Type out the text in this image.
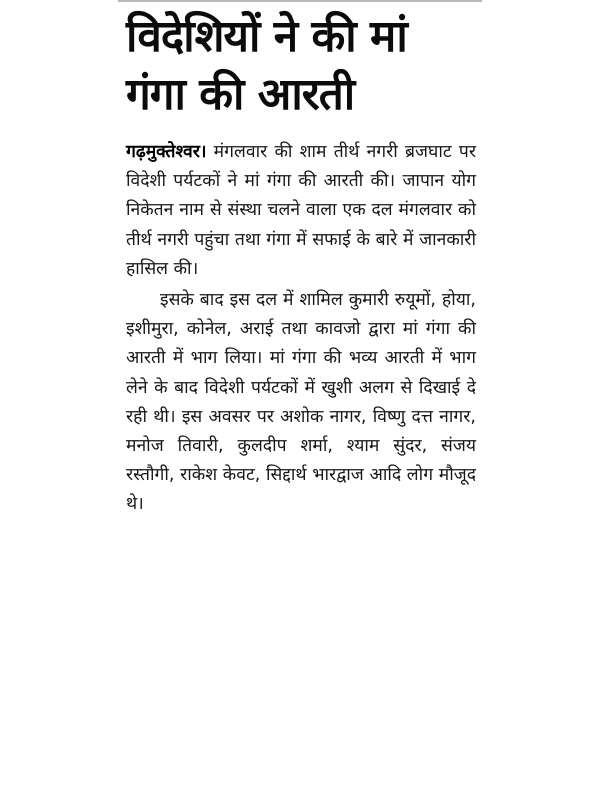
विदेशियों ने की मां
गंगा की आरती

गढ़मुक्तेश्वर। मंगलवार की शाम तीर्थ नगरी ब्रजघाट पर विदेशी पर्यटकों ने मां गंगा की आरती की। जापान योग निकेतन नाम से संस्था चलने वाला एक दल मंगलवार को तीर्थ नगरी पहुंचा तथा गंगा में सफाई के बारे में जानकारी हासिल की।

इसके बाद इस दल में शामिल कुमारी रुयूमों, होया, इशीमुरा, कोनेल, अराई तथा कावजो द्वारा मां गंगा की आरती में भाग लिया। मां गंगा की भव्य आरती में भाग लेने के बाद विदेशी पर्यटकों में खुशी अलग से दिखाई दे रही थी। इस अवसर पर अशोक नागर, विष्णु दत्त नागर, मनोज तिवारी, कुलदीप शर्मा, श्याम सुंदर, संजय रस्तौगी, राकेश केवट, सिद्दार्थ भारद्वाज आदि लोग मौजूद थे।
